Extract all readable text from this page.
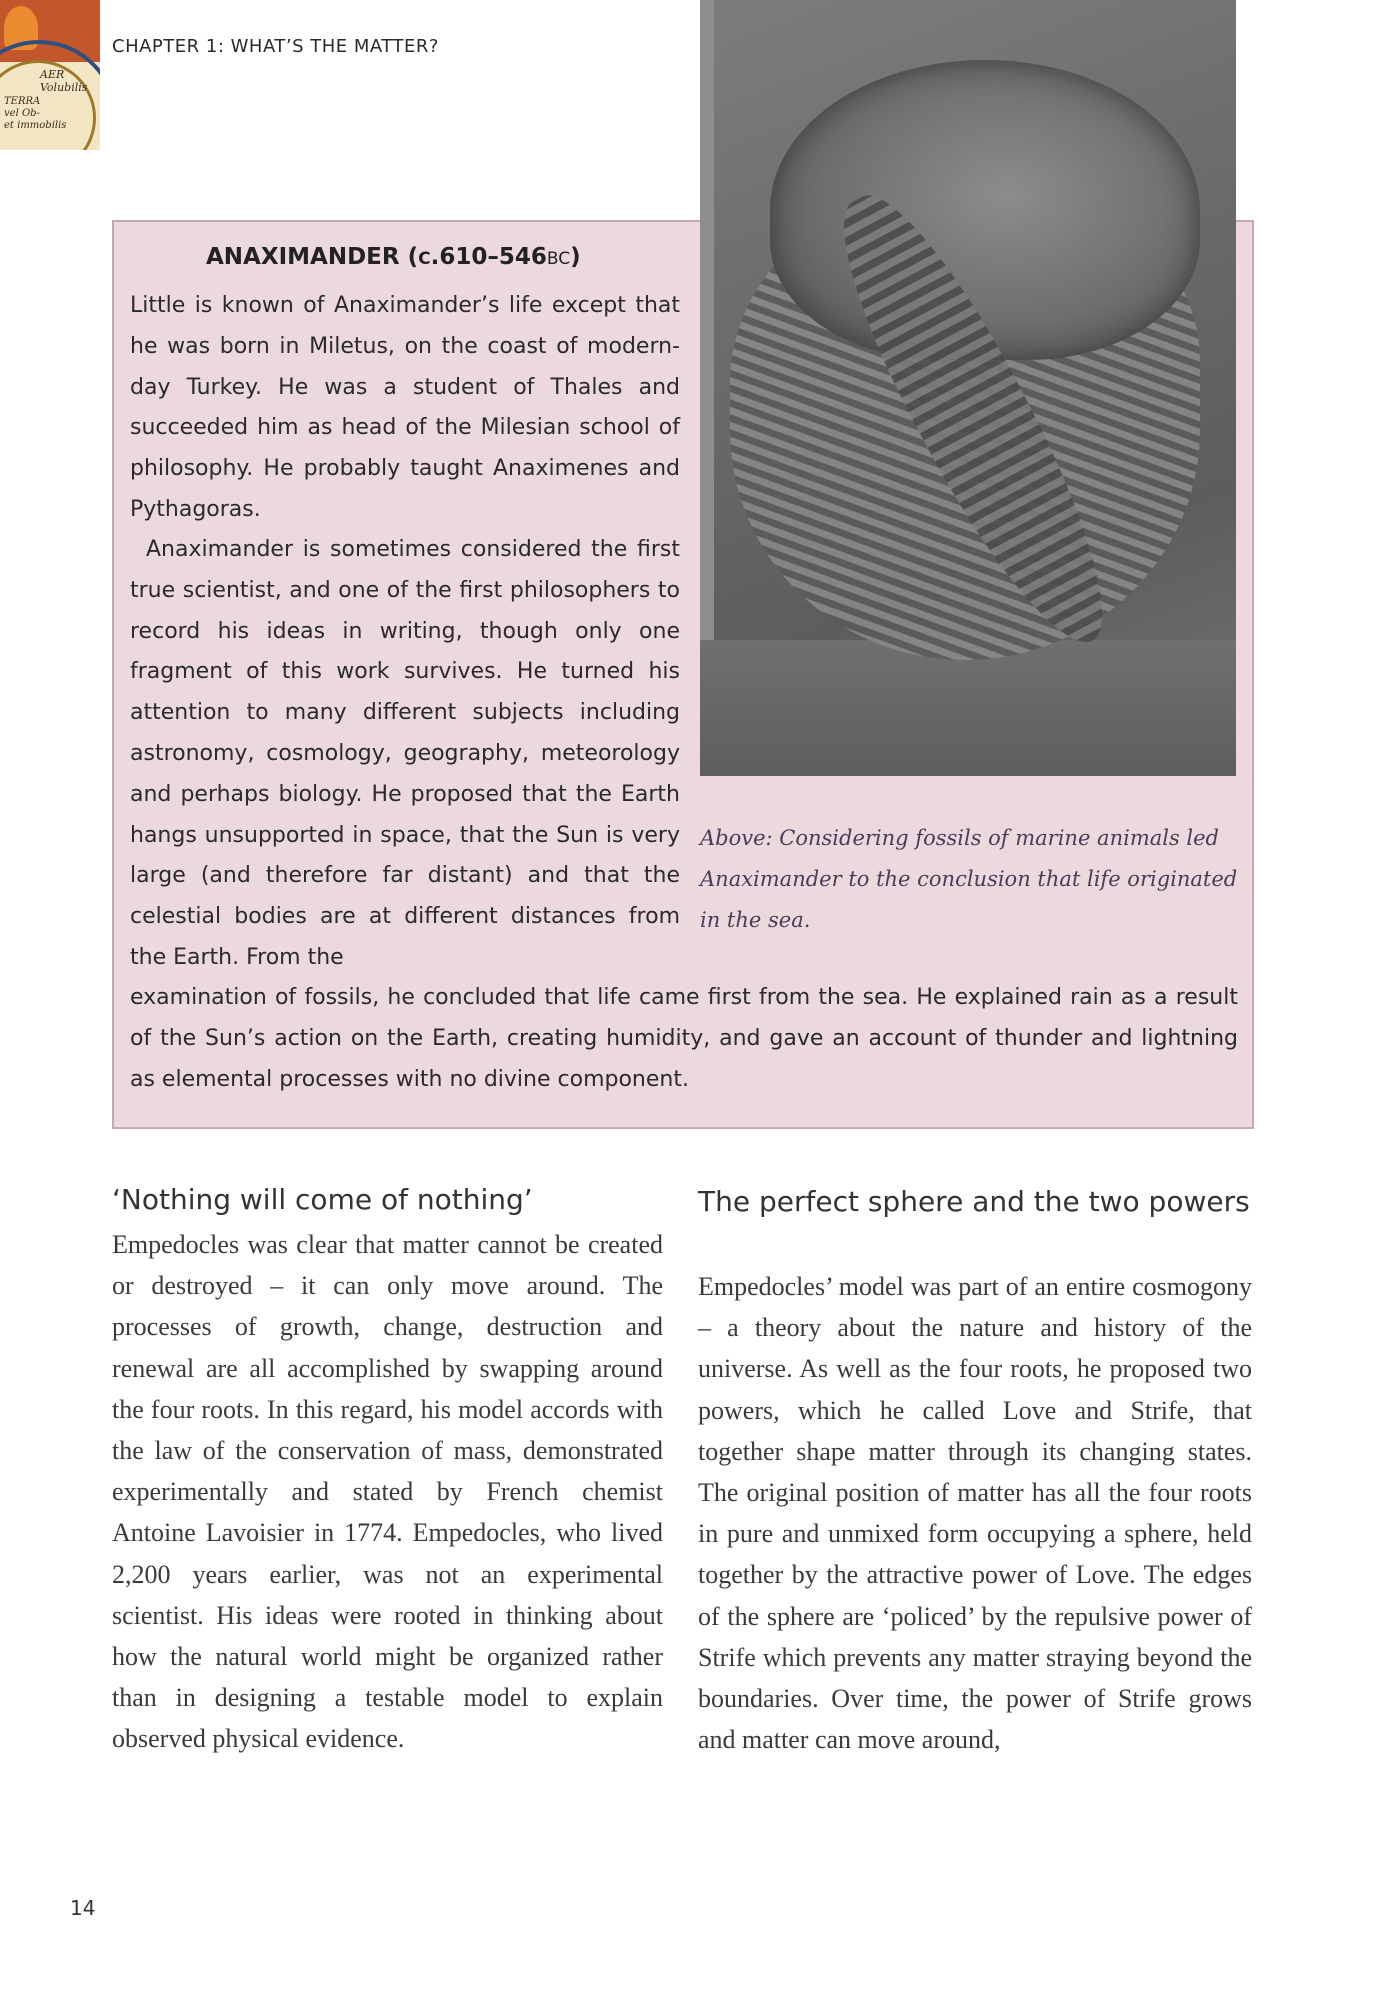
AER
Volubilis
TERRA
vel Ob-
et immobilis
CHAPTER 1: WHAT’S THE MATTER?
Above: Considering fossils of marine animals led Anaximander to the conclusion that life originated in the sea.
ANAXIMANDER (C.610–546BC)

Little is known of Anaximander’s life except that he was born in Miletus, on the coast of modern-day Turkey. He was a student of Thales and succeeded him as head of the Milesian school of philosophy. He probably taught Anaximenes and Pythagoras.

Anaximander is sometimes considered the first true scientist, and one of the first philosophers to record his ideas in writing, though only one fragment of this work survives. He turned his attention to many different subjects including astronomy, cosmology, geography, meteorology and perhaps biology. He proposed that the Earth hangs unsupported in space, that the Sun is very large (and therefore far distant) and that the celestial bodies are at different distances from the Earth. From the

examination of fossils, he concluded that life came first from the sea. He explained rain as a result of the Sun’s action on the Earth, creating humidity, and gave an account of thunder and lightning as elemental processes with no divine component.

‘Nothing will come of nothing’

Empedocles was clear that matter cannot be created or destroyed – it can only move around. The processes of growth, change, destruction and renewal are all accomplished by swapping around the four roots. In this regard, his model accords with the law of the conservation of mass, demonstrated experimentally and stated by French chemist Antoine Lavoisier in 1774. Empedocles, who lived 2,200 years earlier, was not an experimental scientist. His ideas were rooted in thinking about how the natural world might be organized rather than in designing a testable model to explain observed physical evidence.

The perfect sphere and the two powers

Empedocles’ model was part of an entire cosmogony – a theory about the nature and history of the universe. As well as the four roots, he proposed two powers, which he called Love and Strife, that together shape matter through its changing states. The original position of matter has all the four roots in pure and unmixed form occupying a sphere, held together by the attractive power of Love. The edges of the sphere are ‘policed’ by the repulsive power of Strife which prevents any matter straying beyond the boundaries. Over time, the power of Strife grows and matter can move around,

14
